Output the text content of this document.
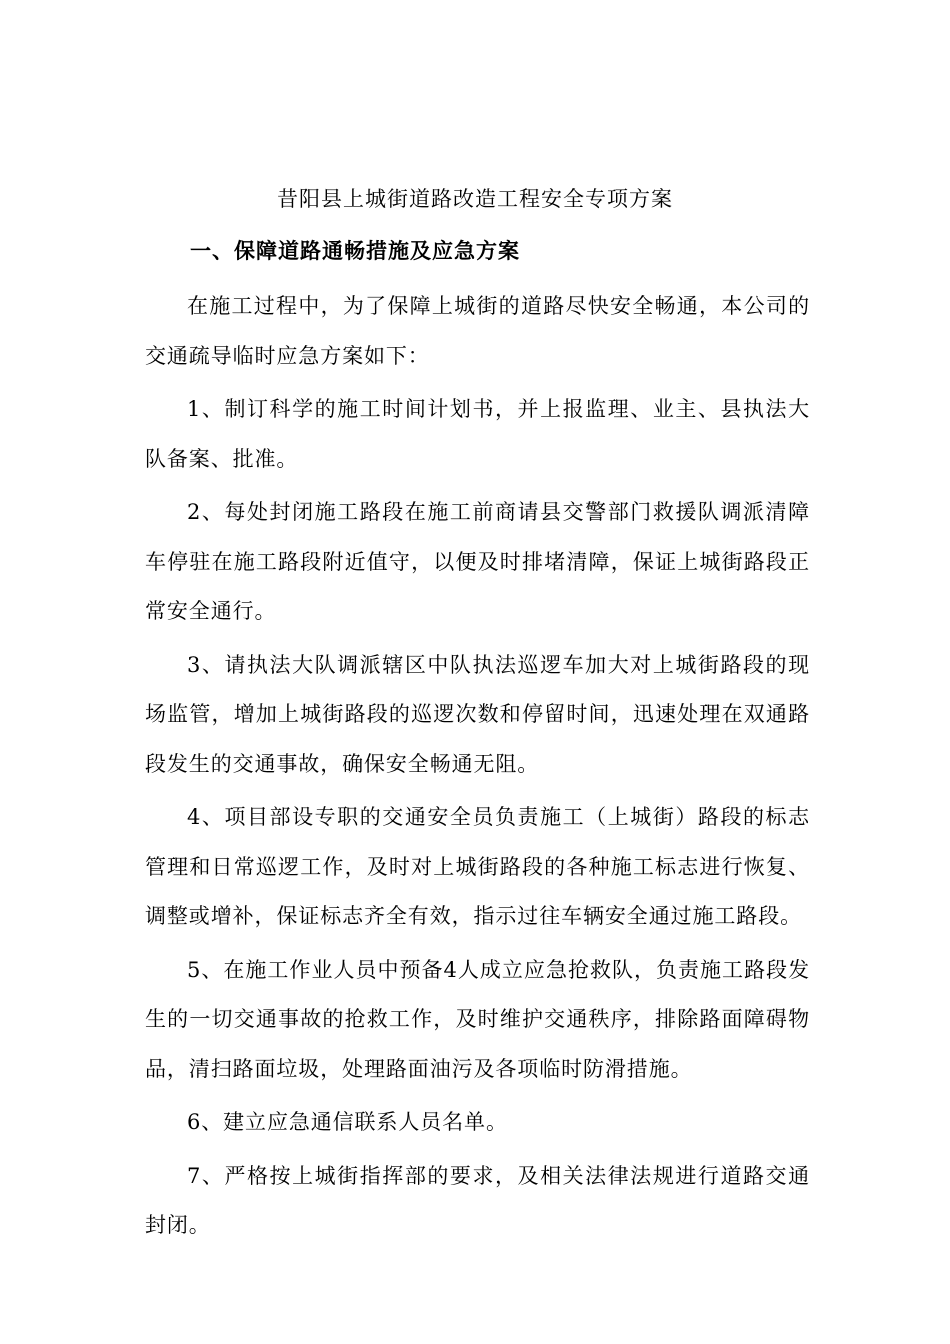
昔阳县上城街道路改造工程安全专项方案
一、保障道路通畅措施及应急方案

在施工过程中，为了保障上城街的道路尽快安全畅通，本公司的交通疏导临时应急方案如下：

1、制订科学的施工时间计划书，并上报监理、业主、县执法大队备案、批准。

2、每处封闭施工路段在施工前商请县交警部门救援队调派清障车停驻在施工路段附近值守，以便及时排堵清障，保证上城街路段正常安全通行。

3、请执法大队调派辖区中队执法巡逻车加大对上城街路段的现场监管，增加上城街路段的巡逻次数和停留时间，迅速处理在双通路段发生的交通事故，确保安全畅通无阻。

4、项目部设专职的交通安全员负责施工（上城街）路段的标志管理和日常巡逻工作，及时对上城街路段的各种施工标志进行恢复、调整或增补，保证标志齐全有效，指示过往车辆安全通过施工路段。

5、在施工作业人员中预备4人成立应急抢救队，负责施工路段发生的一切交通事故的抢救工作，及时维护交通秩序，排除路面障碍物品，清扫路面垃圾，处理路面油污及各项临时防滑措施。

6、建立应急通信联系人员名单。

7、严格按上城街指挥部的要求，及相关法律法规进行道路交通封闭。
